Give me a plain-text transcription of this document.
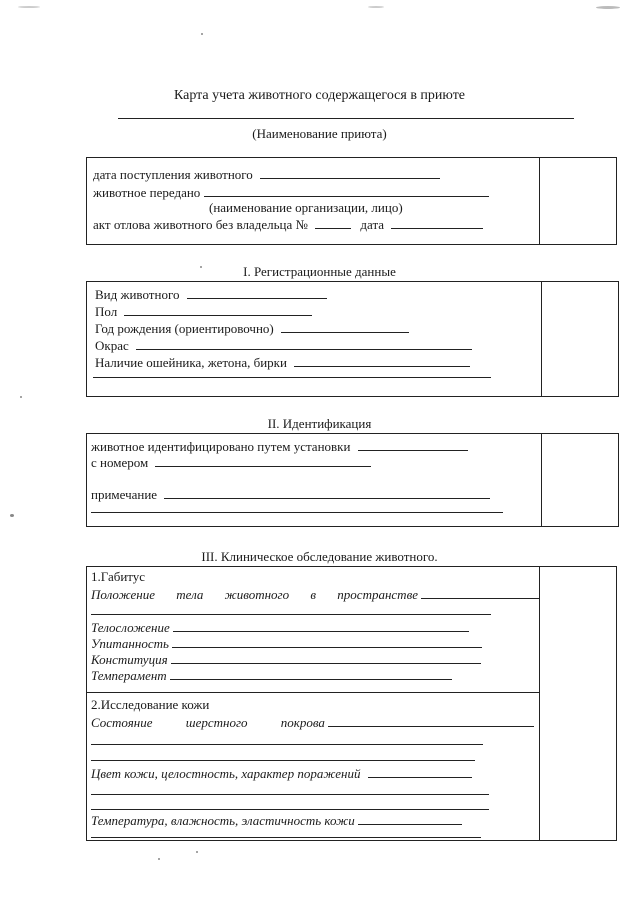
Карта учета животного содержащегося в приюте
(Наименование приюта)
дата поступления животного
животное передано
(наименование организации, лицо)
акт отлова животного без владельца №	дата
I. Регистрационные данные
Вид животного
Пол
Год рождения (ориентировочно)
Окрас
Наличие ошейника, жетона, бирки
II. Идентификация
животное идентифицировано путем установки
с номером
примечание
III. Клиническое обследование животного.
1.Габитус
Положение тела животного в пространстве
Телосложение
Упитанность
Конституция
Темперамент
2.Исследование кожи
Состояние	шерстного	покрова
Цвет кожи, целостность, характер поражений
Температура, влажность, эластичность кожи
